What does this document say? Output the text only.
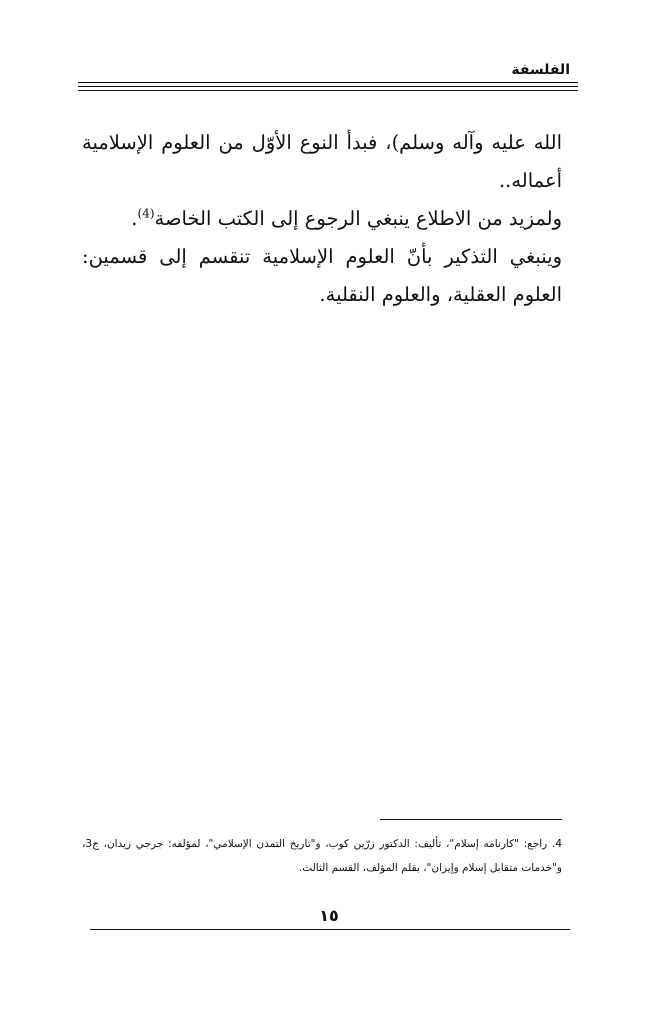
الفلسفة

الله عليه وآله وسلم)، فبدأ النوع الأوّل من العلوم الإسلامية أعماله..

ولمزيد من الاطلاع ينبغي الرجوع إلى الكتب الخاصة$^{(4)}$.

وينبغي التذكير بأنّ العلوم الإسلامية تنقسم إلى قسمين: العلوم العقلية، والعلوم النقلية.

4. راجع: "كارنامه إسلام"، تأليف: الدكتور زرّين كوب، و"تاريخ التمدن الإسلامي"، لمؤلفه: جرجي زيدان، ج3، و"خدمات متقابل إسلام وإيران"، بقلم المؤلف، القسم الثالث.
١٥
